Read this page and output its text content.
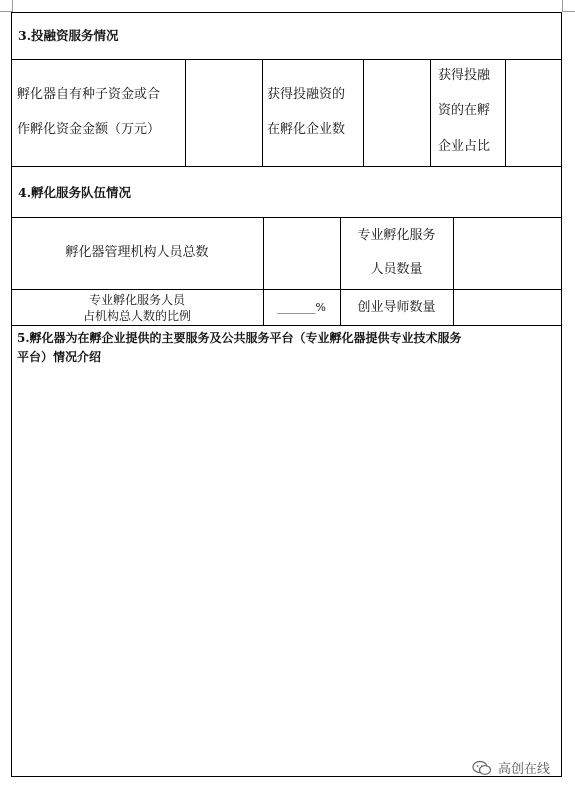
3.投融资服务情况
孵化器自有种子资金或合
作孵化资金金额（万元）
获得投融资的
在孵化企业数
获得投融
资的在孵
企业占比
4.孵化服务队伍情况
孵化器管理机构人员总数
专业孵化服务
人员数量
专业孵化服务人员
占机构总人数的比例
_______%	创业导师数量
5.孵化器为在孵企业提供的主要服务及公共服务平台（专业孵化器提供专业技术服务
平台）情况介绍
高创在线
